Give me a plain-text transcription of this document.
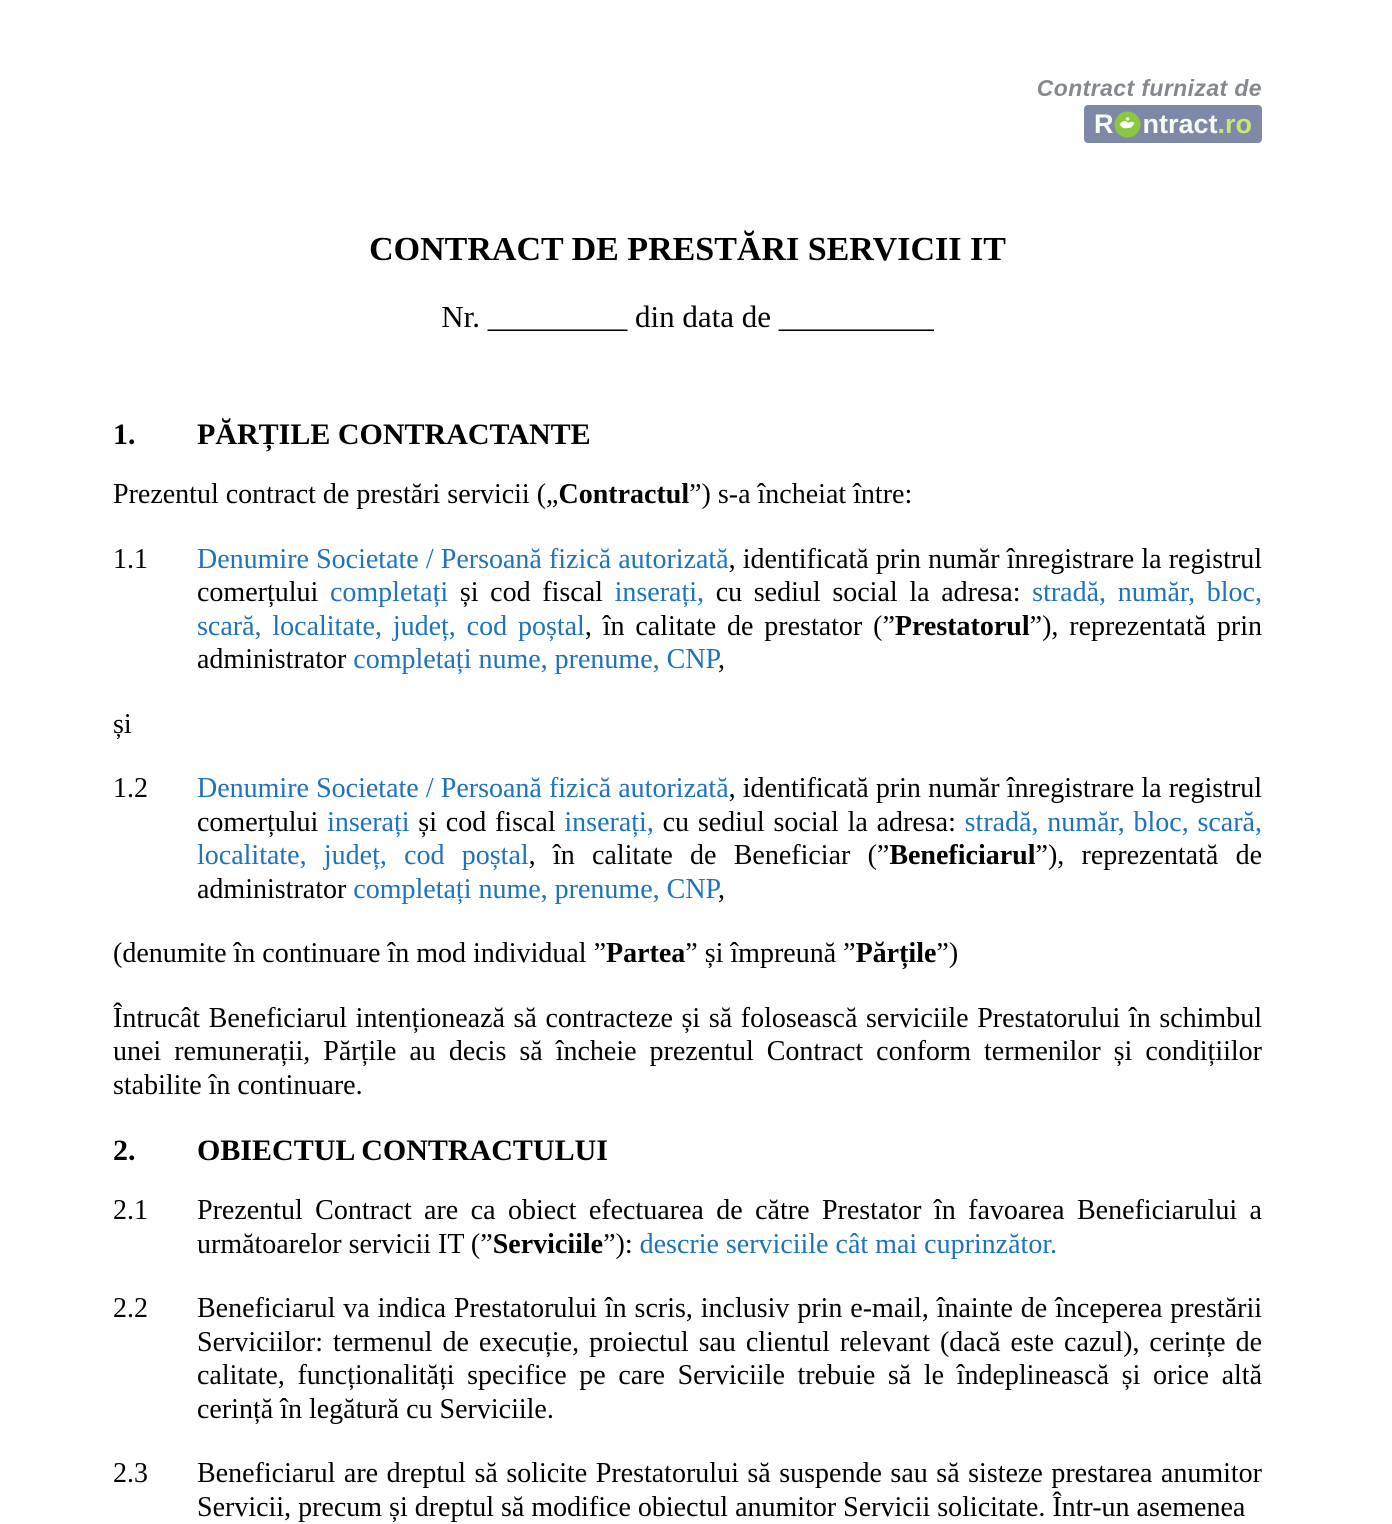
Contract furnizat de
R ntract .ro
CONTRACT DE PRESTĂRI SERVICII IT
Nr. _________ din data de __________
1.	PĂRȚILE CONTRACTANTE
Prezentul contract de prestări servicii („Contractul”) s-a încheiat între:
1.1	Denumire Societate / Persoană fizică autorizată, identificată prin număr înregistrare la registrul comerțului completați și cod fiscal inserați, cu sediul social la adresa: stradă, număr, bloc, scară, localitate, județ, cod poștal, în calitate de prestator (”Prestatorul”), reprezentată prin administrator completați nume, prenume, CNP,
și
1.2	Denumire Societate / Persoană fizică autorizată, identificată prin număr înregistrare la registrul comerțului inserați și cod fiscal inserați, cu sediul social la adresa: stradă, număr, bloc, scară, localitate, județ, cod poștal, în calitate de Beneficiar (”Beneficiarul”), reprezentată de administrator completați nume, prenume, CNP,
(denumite în continuare în mod individual ”Partea” și împreună ”Părțile”)
Întrucât Beneficiarul intenționează să contracteze și să folosească serviciile Prestatorului în schimbul unei remunerații, Părțile au decis să încheie prezentul Contract conform termenilor și condițiilor stabilite în continuare.
2.	OBIECTUL CONTRACTULUI
2.1	Prezentul Contract are ca obiect efectuarea de către Prestator în favoarea Beneficiarului a următoarelor servicii IT (”Serviciile”): descrie serviciile cât mai cuprinzător.
2.2	Beneficiarul va indica Prestatorului în scris, inclusiv prin e-mail, înainte de începerea prestării Serviciilor: termenul de execuție, proiectul sau clientul relevant (dacă este cazul), cerințe de calitate, funcționalități specifice pe care Serviciile trebuie să le îndeplinească și orice altă cerință în legătură cu Serviciile.
2.3	Beneficiarul are dreptul să solicite Prestatorului să suspende sau să sisteze prestarea anumitor Servicii, precum și dreptul să modifice obiectul anumitor Servicii solicitate. Într-un asemenea
